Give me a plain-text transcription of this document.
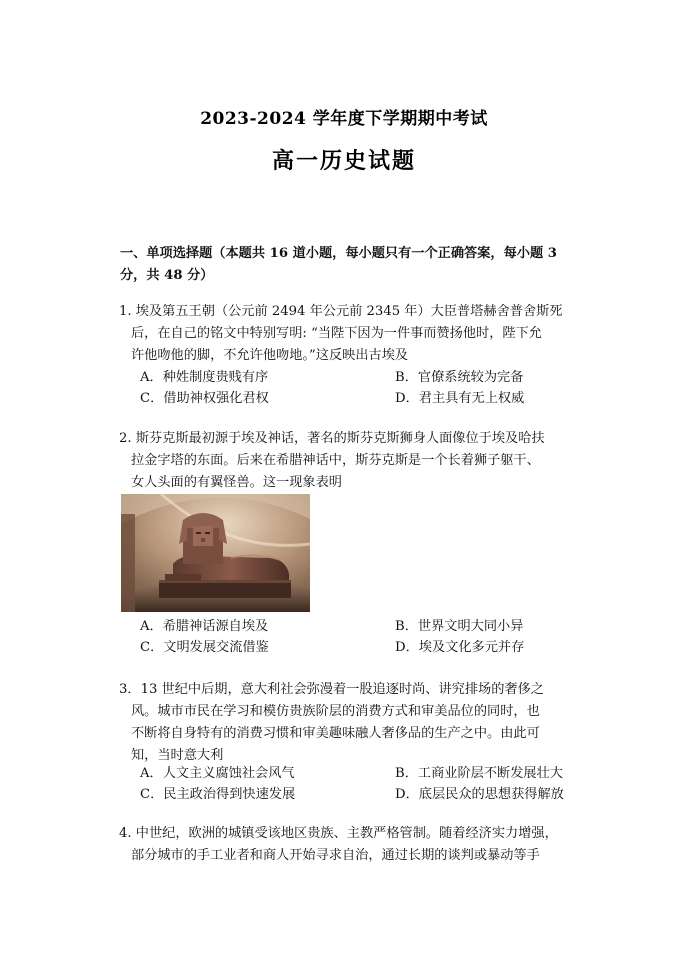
2023-2024 学年度下学期期中考试
高一历史试题
一、单项选择题（本题共 16 道小题，每小题只有一个正确答案，每小题 3
分，共 48 分）
1. 埃及第五王朝（公元前 2494 年公元前 2345 年）大臣普塔赫舍普舍斯死
后，在自己的铭文中特别写明: “当陛下因为一件事而赞扬他时，陛下允
许他吻他的脚，不允许他吻地。”这反映出古埃及
A．种姓制度贵贱有序	B．官僚系统较为完备
C．借助神权强化君权	D．君主具有无上权威
2. 斯芬克斯最初源于埃及神话，著名的斯芬克斯狮身人面像位于埃及哈扶
拉金字塔的东面。后来在希腊神话中，斯芬克斯是一个长着狮子躯干、
女人头面的有翼怪兽。这一现象表明
A．希腊神话源自埃及	B．世界文明大同小异
C．文明发展交流借鉴	D．埃及文化多元并存
3．13 世纪中后期，意大利社会弥漫着一股追逐时尚、讲究排场的奢侈之
风。城市市民在学习和模仿贵族阶层的消费方式和审美品位的同时，也
不断将自身特有的消费习惯和审美趣味融人奢侈品的生产之中。由此可
知，当时意大利
A．人文主义腐蚀社会风气	B．工商业阶层不断发展壮大
C．民主政治得到快速发展	D．底层民众的思想获得解放
4. 中世纪，欧洲的城镇受该地区贵族、主教严格管制。随着经济实力增强，
部分城市的手工业者和商人开始寻求自治，通过长期的谈判或暴动等手
